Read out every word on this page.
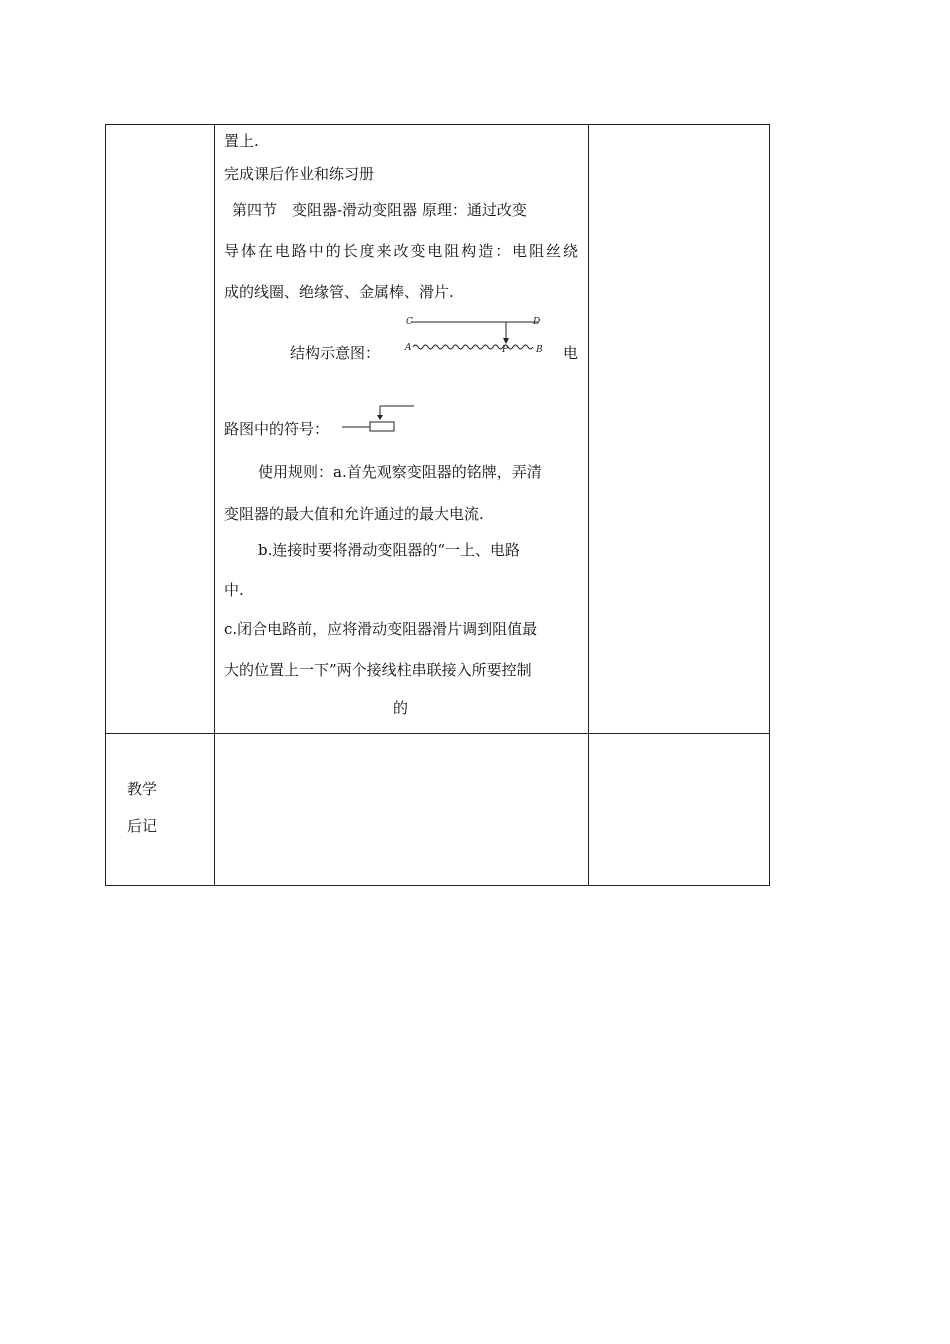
置上.
完成课后作业和练习册
第四节　变阻器-滑动变阻器 原理：通过改变
导体在电路中的长度来改变电阻构造：电阻丝绕
成的线圈、绝缘管、金属棒、滑片.
结构示意图：
C	D
A	P	B 电
路图中的符号：
使用规则：a.首先观察变阻器的铭牌，弄清
变阻器的最大值和允许通过的最大电流.
b.连接时要将滑动变阻器的“一上、电路
中.
c.闭合电路前，应将滑动变阻器滑片调到阻值最
大的位置上一下”两个接线柱串联接入所要控制
的
教学
后记
